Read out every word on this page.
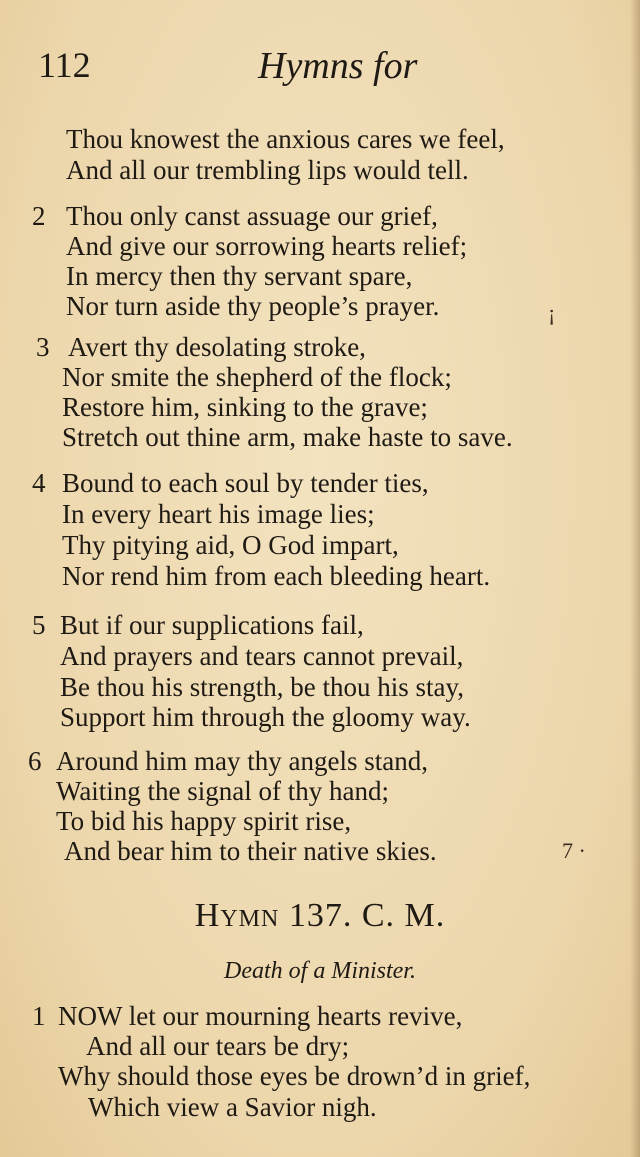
112	Hymns for
Thou knowest the anxious cares we feel,
And all our trembling lips would tell.
2 Thou only canst assuage our grief,
And give our sorrowing hearts relief;
In mercy then thy servant spare,
Nor turn aside thy people’s prayer.
3 Avert thy desolating stroke,
Nor smite the shepherd of the flock;
Restore him, sinking to the grave;
Stretch out thine arm, make haste to save.
4 Bound to each soul by tender ties,
In every heart his image lies;
Thy pitying aid, O God impart,
Nor rend him from each bleeding heart.
5 But if our supplications fail,
And prayers and tears cannot prevail,
Be thou his strength, be thou his stay,
Support him through the gloomy way.
6 Around him may thy angels stand,
Waiting the signal of thy hand;
To bid his happy spirit rise,
And bear him to their native skies.
¡
7 ·
Hymn 137. C. M.
Death of a Minister.
1 NOW let our mourning hearts revive,
And all our tears be dry;
Why should those eyes be drown’d in grief,
Which view a Savior nigh.
